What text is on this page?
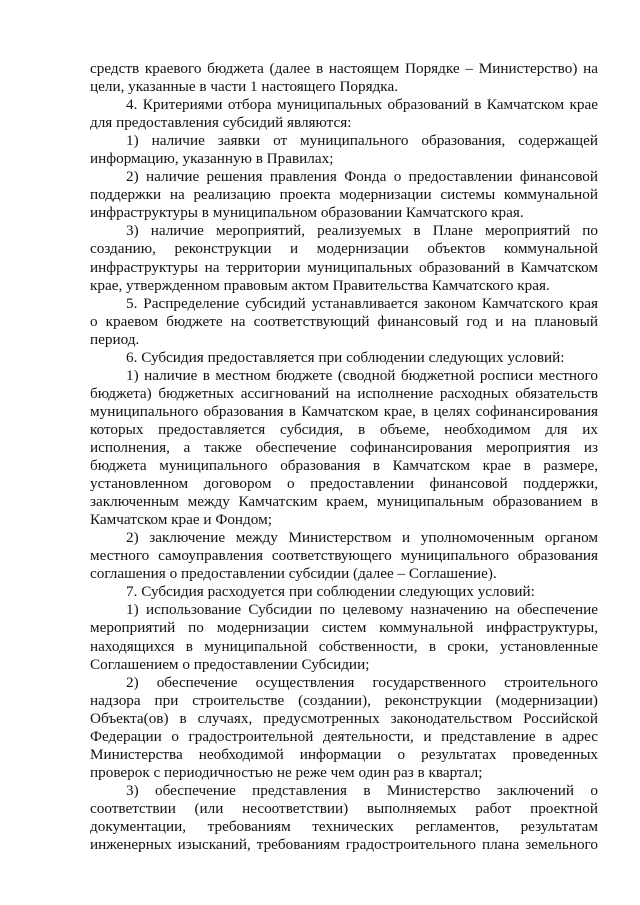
средств краевого бюджета (далее в настоящем Порядке – Министерство) на
цели, указанные в части 1 настоящего Порядка.
4. Критериями отбора муниципальных образований в Камчатском крае
для предоставления субсидий являются:
1) наличие заявки от муниципального образования, содержащей
информацию, указанную в Правилах;
2) наличие решения правления Фонда о предоставлении финансовой
поддержки на реализацию проекта модернизации системы коммунальной
инфраструктуры в муниципальном образовании Камчатского края.
3) наличие мероприятий, реализуемых в Плане мероприятий по
созданию, реконструкции и модернизации объектов коммунальной
инфраструктуры на территории муниципальных образований в Камчатском
крае, утвержденном правовым актом Правительства Камчатского края.
5. Распределение субсидий устанавливается законом Камчатского края
о краевом бюджете на соответствующий финансовый год и на плановый
период.
6. Субсидия предоставляется при соблюдении следующих условий:
1) наличие в местном бюджете (сводной бюджетной росписи местного
бюджета) бюджетных ассигнований на исполнение расходных обязательств
муниципального образования в Камчатском крае, в целях софинансирования
которых предоставляется субсидия, в объеме, необходимом для их
исполнения, а также обеспечение софинансирования мероприятия из
бюджета муниципального образования в Камчатском крае в размере,
установленном договором о предоставлении финансовой поддержки,
заключенным между Камчатским краем, муниципальным образованием в
Камчатском крае и Фондом;
2) заключение между Министерством и уполномоченным органом
местного самоуправления соответствующего муниципального образования
соглашения о предоставлении субсидии (далее – Соглашение).
7. Субсидия расходуется при соблюдении следующих условий:
1) использование Субсидии по целевому назначению на обеспечение
мероприятий по модернизации систем коммунальной инфраструктуры,
находящихся в муниципальной собственности, в сроки, установленные
Соглашением о предоставлении Субсидии;
2) обеспечение осуществления государственного строительного
надзора при строительстве (создании), реконструкции (модернизации)
Объекта(ов) в случаях, предусмотренных законодательством Российской
Федерации о градостроительной деятельности, и представление в адрес
Министерства необходимой информации о результатах проведенных
проверок с периодичностью не реже чем один раз в квартал;
3) обеспечение представления в Министерство заключений о
соответствии (или несоответствии) выполняемых работ проектной
документации, требованиям технических регламентов, результатам
инженерных изысканий, требованиям градостроительного плана земельного
